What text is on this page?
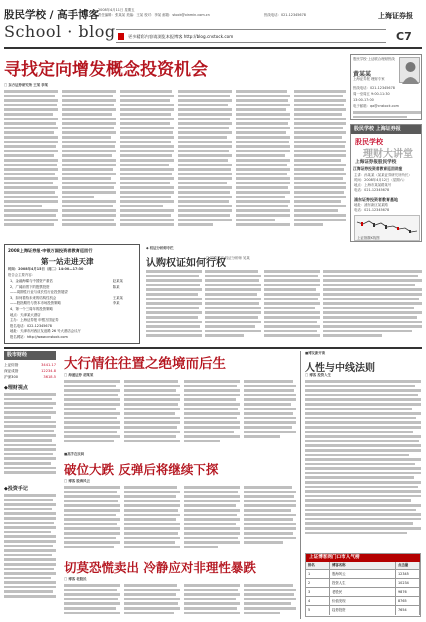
股民学校 / 高手博客
2008年4月11日 星期五
责任编辑：张某某 美编：王某 校对：李某 邮箱：stock@xinmin.com.cn	上海证券报
School · blog
热线电话：021-12345678
更多精彩内容请浏览本报博客 http://blog.cnstock.com	C7
寻找定向增发概念投资机会
□ 东方证券研究所 王某 李某
股民学校·上证联合理财热线
黄某某
上海证券报 理财专家
热线电话：021-12345678
周一至周五 9:00-11:30
13:00-17:00
电子邮箱：qa@cnstock.com
股民学校 上海证券报
股民学校
理财大讲堂
上海证券报股民学校
江海证券投资者教育巡回讲座
主讲：孙某某（某某证券研究所所长）
时间：2008年4月12日（星期六）
地点：上海市某某路某号
电话：021-12345678
浦东证券投资者教育基地
地址：浦东新区某某路
电话：021-12345678
上证指数K线图
2008上海证券报·申银万国投资者教育巡回行
第一站走进天津
时间：2008年4月15日（周二）14:00—17:30
报告会主要内容：
1、金融海啸与中国资产重估	赵某某
2、广阔前景下的股票投资	陈某
——周期性行业与成长性行业投资展望
3、如何看待未来的结构性机会	王某某
——股指期货与资本市场投资策略	李某
4、第一个三周年的投资策略
地点：天津某大酒店
主办：上海证券报 申银万国证券
报名电话：022-12345678
地址：天津市河西区友谊路 26 号大酒店会议厅
报名网站：http://www.cnstock.com
◆ 权证分析师专栏
认购权证如何行权
□ 国泰君安 权证分析师 吴某
股市财经
上证综指	3441.17
深证成指	12234.8
沪深300	3618.5
◆理财视点
◆投资手记
大行情往往置之绝境而后生
□ 海通证券 胡某某
■高手在民间
破位大跌 反弹后将继续下探
□ 博客 股海风云
切莫恐慌卖出 冷静应对非理性暴跌
□ 博客 老股民
■博友新开谈
人性与中线法则
□ 博客 投资人生
上证博客网门口市人气榜
排名	博客名称	点击量
1	股海风云	12345
2	投资人生	10234
3	老股民	9876
4	价值发现	8765
5	趋势投资	7654
